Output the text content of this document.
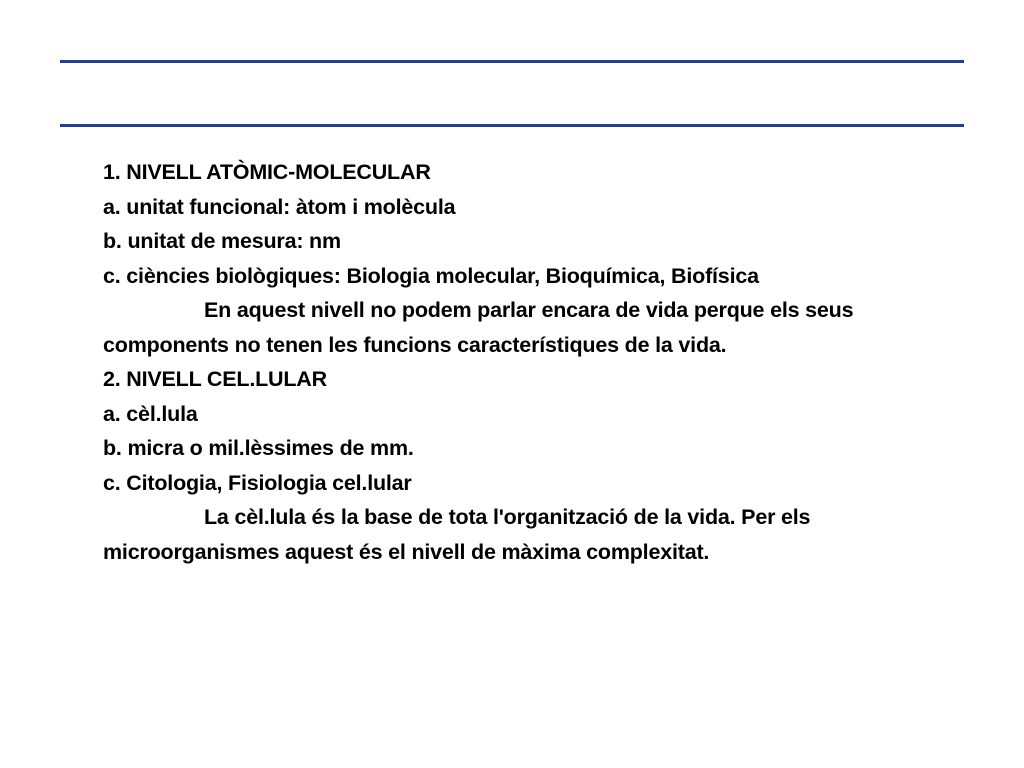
1. NIVELL ATÒMIC-MOLECULAR
a. unitat funcional: àtom i molècula
b. unitat de mesura: nm
c. ciències biològiques: Biologia molecular, Bioquímica, Biofísica
En aquest nivell no podem parlar encara de vida perque els seus components no tenen les funcions característiques de la vida.
2. NIVELL CEL.LULAR
a. cèl.lula
b. micra o mil.lèssimes de mm.
c. Citologia, Fisiologia cel.lular
La cèl.lula és la base de tota l'organització de la vida. Per els microorganismes aquest és el nivell de màxima complexitat.
